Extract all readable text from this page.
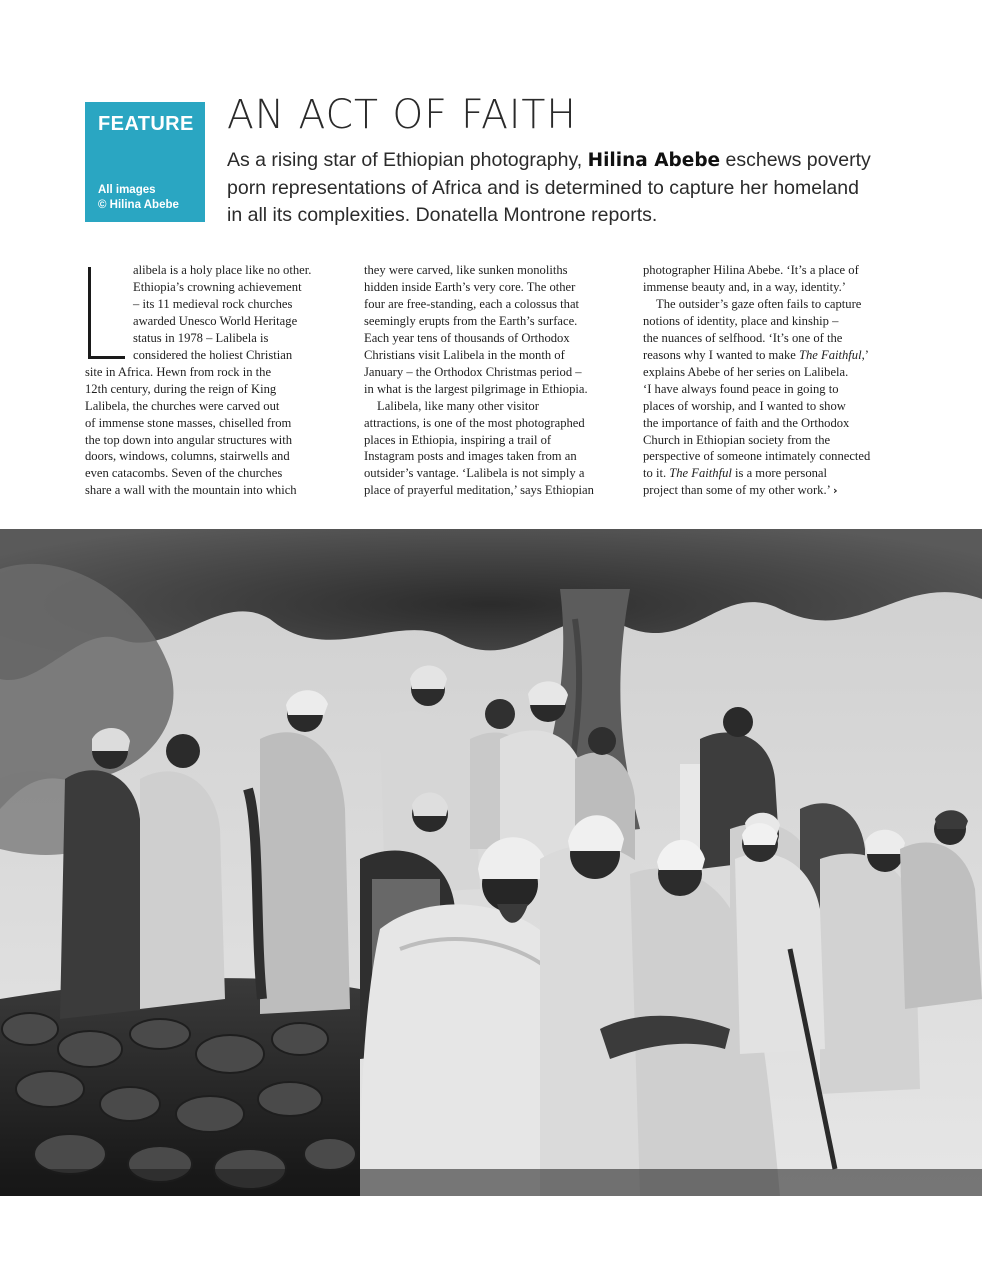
FEATURE
All images
© Hilina Abebe
AN ACT OF FAITH

As a rising star of Ethiopian photography, Hilina Abebe eschews poverty
porn representations of Africa and is determined to capture her homeland
in all its complexities. Donatella Montrone reports.

alibela is a holy place like no other.
Ethiopia’s crowning achievement
– its 11 medieval rock churches
awarded Unesco World Heritage
status in 1978 – Lalibela is
considered the holiest Christian
site in Africa. Hewn from rock in the
12th century, during the reign of King
Lalibela, the churches were carved out
of immense stone masses, chiselled from
the top down into angular structures with
doors, windows, columns, stairwells and
even catacombs. Seven of the churches
share a wall with the mountain into which
they were carved, like sunken monoliths
hidden inside Earth’s very core. The other
four are free-standing, each a colossus that
seemingly erupts from the Earth’s surface.
Each year tens of thousands of Orthodox
Christians visit Lalibela in the month of
January – the Orthodox Christmas period –
in what is the largest pilgrimage in Ethiopia.
Lalibela, like many other visitor
attractions, is one of the most photographed
places in Ethiopia, inspiring a trail of
Instagram posts and images taken from an
outsider’s vantage. ‘Lalibela is not simply a
place of prayerful meditation,’ says Ethiopian
photographer Hilina Abebe. ‘It’s a place of
immense beauty and, in a way, identity.’
The outsider’s gaze often fails to capture
notions of identity, place and kinship –
the nuances of selfhood. ‘It’s one of the
reasons why I wanted to make The Faithful,’
explains Abebe of her series on Lalibela.
‘I have always found peace in going to
places of worship, and I wanted to show
the importance of faith and the Orthodox
Church in Ethiopian society from the
perspective of someone intimately connected
to it. The Faithful is a more personal
project than some of my other work.’ ›
